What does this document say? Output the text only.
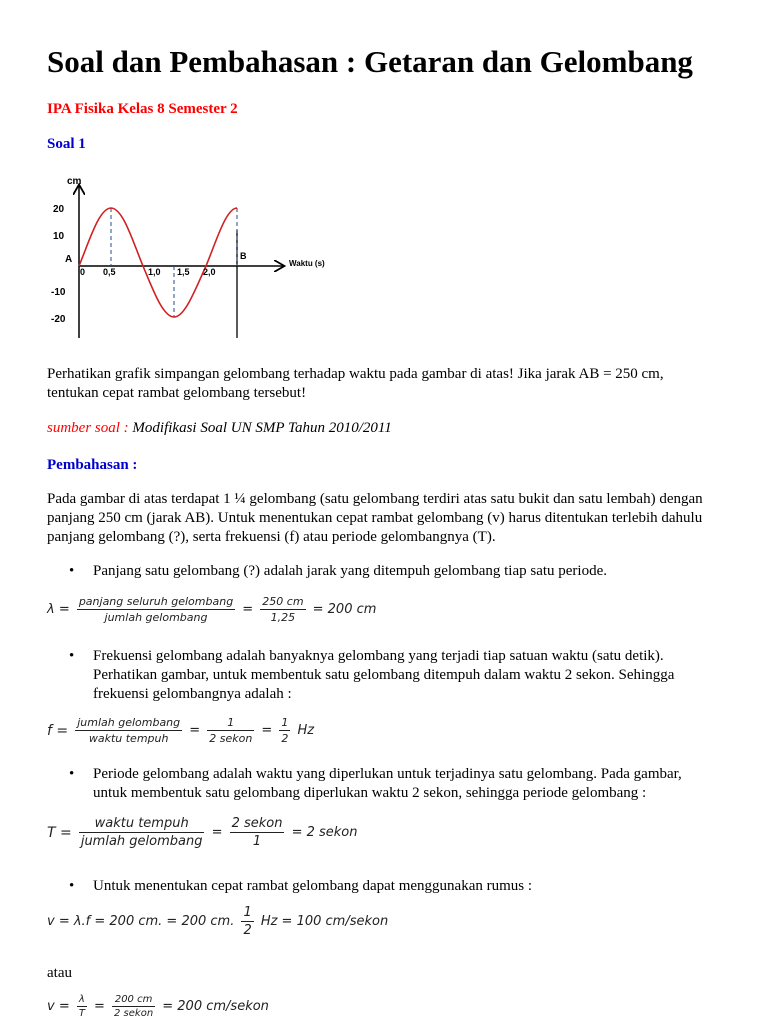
Soal dan Pembahasan : Getaran dan Gelombang
IPA Fisika Kelas 8 Semester 2
Soal 1
cm
20
10
A
-10
-20
0 0,5	1,0 1,5 2,0
B
Waktu (s)
Perhatikan grafik simpangan gelombang terhadap waktu pada gambar di atas! Jika jarak AB = 250 cm, tentukan cepat rambat gelombang tersebut!
sumber soal : Modifikasi Soal UN SMP Tahun 2010/2011
Pembahasan :
Pada gambar di atas terdapat 1 ¼ gelombang (satu gelombang terdiri atas satu bukit dan satu lembah) dengan panjang 250 cm (jarak AB). Untuk menentukan cepat rambat gelombang (v) harus ditentukan terlebih dahulu panjang gelombang (?), serta frekuensi (f) atau periode gelombangnya (T).
• Panjang satu gelombang (?) adalah jarak yang ditempuh gelombang tiap satu periode.
$\lambda = \frac{\text{panjang seluruh gelombang}}{\text{jumlah gelombang}} = \frac{250 cm}{1,25} = 200$ cm
• Frekuensi gelombang adalah banyaknya gelombang yang terjadi tiap satuan waktu (satu detik). Perhatikan gambar, untuk membentuk satu gelombang ditempuh dalam waktu 2 sekon. Sehingga frekuensi gelombangnya adalah :
$f = \frac{\text{jumlah gelombang}}{\text{waktu tempuh}} = \frac{1}{\text{2 sekon}} = \frac{1}{2}$ Hz
• Periode gelombang adalah waktu yang diperlukan untuk terjadinya satu gelombang. Pada gambar, untuk membentuk satu gelombang diperlukan waktu 2 sekon, sehingga periode gelombang :
$T = \frac{\text{waktu tempuh}}{\text{jumlah gelombang}} = \frac{\text{2 sekon}}{1} = 2$ sekon
• Untuk menentukan cepat rambat gelombang dapat menggunakan rumus :
v = λ.f = 200 cm. = 200 cm. $\frac{1}{2}$ Hz = 100 cm/sekon
atau
$v = \frac{\lambda}{T} = \frac{200 cm}{\text{2 sekon}} = 200$ cm/sekon
